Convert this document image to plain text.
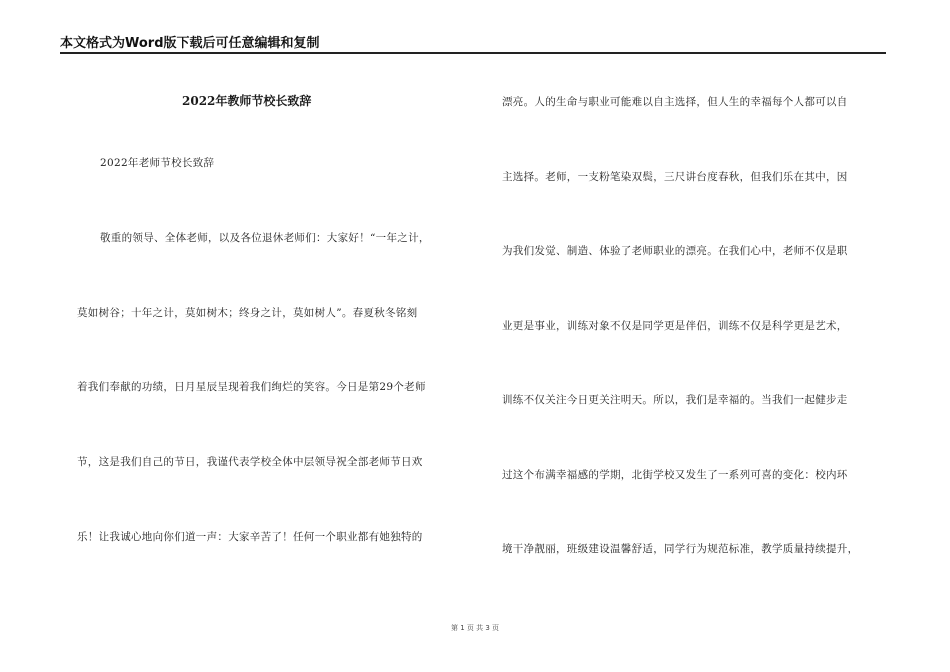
本文格式为Word版下载后可任意编辑和复制
2022年教师节校长致辞
2022年老师节校长致辞
敬重的领导、全体老师，以及各位退休老师们：大家好！“一年之计，
莫如树谷；十年之计，莫如树木；终身之计，莫如树人”。春夏秋冬铭刻
着我们奉献的功绩，日月星辰呈现着我们绚烂的笑容。今日是第29个老师
节，这是我们自己的节日，我谨代表学校全体中层领导祝全部老师节日欢
乐！让我诚心地向你们道一声：大家辛苦了！任何一个职业都有她独特的
漂亮。人的生命与职业可能难以自主选择，但人生的幸福每个人都可以自
主选择。老师，一支粉笔染双鬓，三尺讲台度春秋，但我们乐在其中，因
为我们发觉、制造、体验了老师职业的漂亮。在我们心中，老师不仅是职
业更是事业，训练对象不仅是同学更是伴侣，训练不仅是科学更是艺术，
训练不仅关注今日更关注明天。所以，我们是幸福的。当我们一起健步走
过这个布满幸福感的学期，北街学校又发生了一系列可喜的变化：校内环
境干净靓丽，班级建设温馨舒适，同学行为规范标准，教学质量持续提升，
第 1 页 共 3 页
